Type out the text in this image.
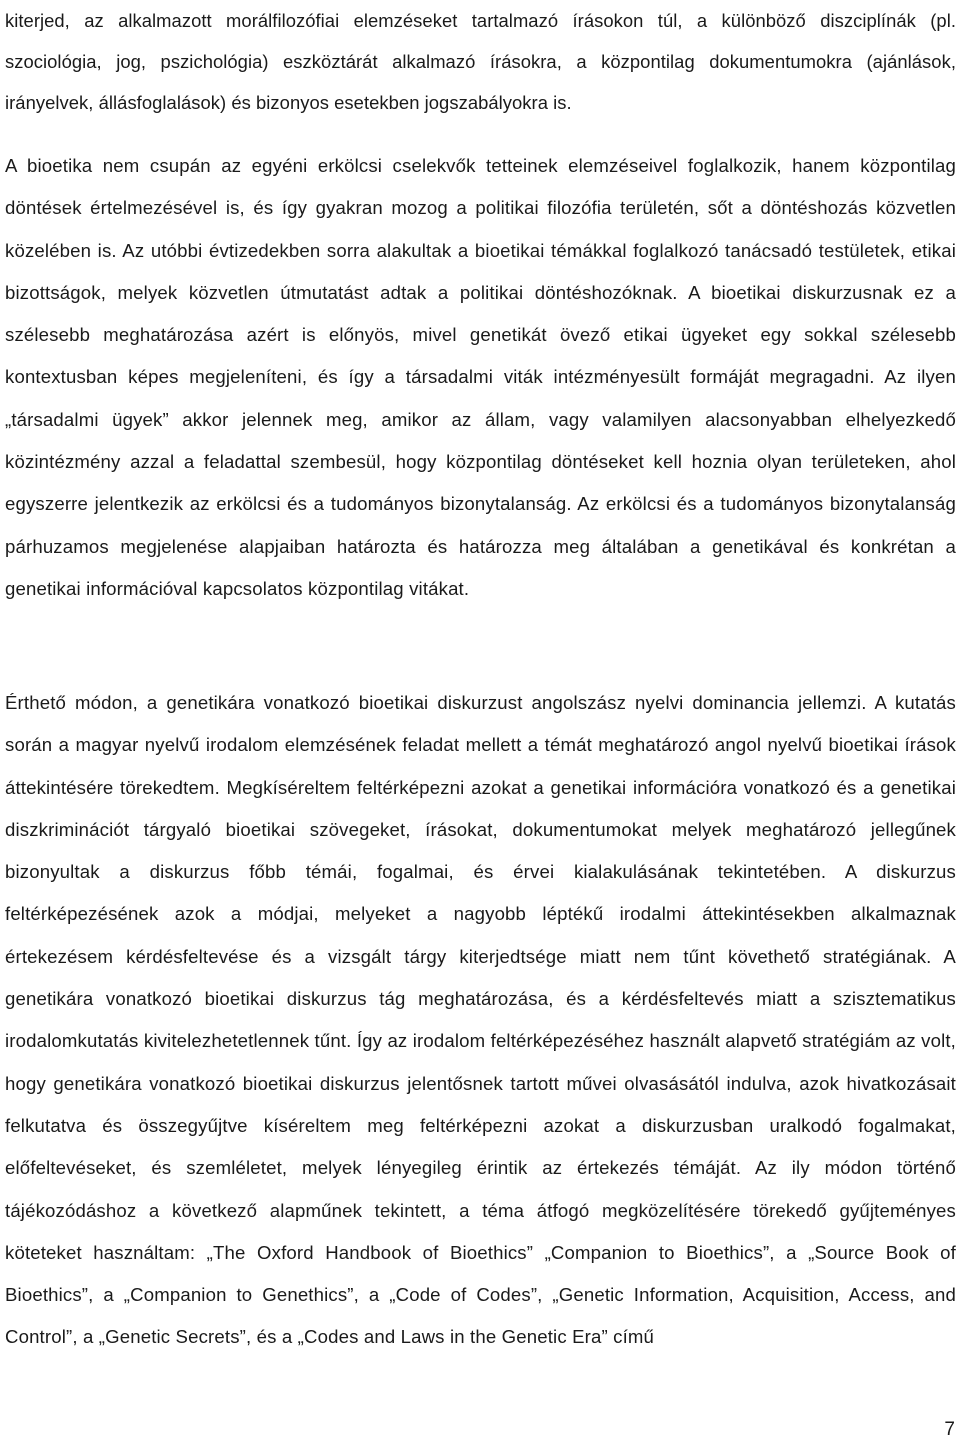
kiterjed, az alkalmazott morálfilozófiai elemzéseket tartalmazó írásokon túl, a különböző diszciplínák (pl. szociológia, jog, pszichológia) eszköztárát alkalmazó írásokra, a központilag dokumentumokra (ajánlások, irányelvek, állásfoglalások) és bizonyos esetekben jogszabályokra is.

A bioetika nem csupán az egyéni erkölcsi cselekvők tetteinek elemzéseivel foglalkozik, hanem központilag döntések értelmezésével is, és így gyakran mozog a politikai filozófia területén, sőt a döntéshozás közvetlen közelében is. Az utóbbi évtizedekben sorra alakultak a bioetikai témákkal foglalkozó tanácsadó testületek, etikai bizottságok, melyek közvetlen útmutatást adtak a politikai döntéshozóknak. A bioetikai diskurzusnak ez a szélesebb meghatározása azért is előnyös, mivel genetikát övező etikai ügyeket egy sokkal szélesebb kontextusban képes megjeleníteni, és így a társadalmi viták intézményesült formáját megragadni. Az ilyen „társadalmi ügyek” akkor jelennek meg, amikor az állam, vagy valamilyen alacsonyabban elhelyezkedő közintézmény azzal a feladattal szembesül, hogy központilag döntéseket kell hoznia olyan területeken, ahol egyszerre jelentkezik az erkölcsi és a tudományos bizonytalanság. Az erkölcsi és a tudományos bizonytalanság párhuzamos megjelenése alapjaiban határozta és határozza meg általában a genetikával és konkrétan a genetikai információval kapcsolatos központilag vitákat.

Érthető módon, a genetikára vonatkozó bioetikai diskurzust angolszász nyelvi dominancia jellemzi. A kutatás során a magyar nyelvű irodalom elemzésének feladat mellett a témát meghatározó angol nyelvű bioetikai írások áttekintésére törekedtem. Megkíséreltem feltérképezni azokat a genetikai információra vonatkozó és a genetikai diszkriminációt tárgyaló bioetikai szövegeket, írásokat, dokumentumokat melyek meghatározó jellegűnek bizonyultak a diskurzus főbb témái, fogalmai, és érvei kialakulásának tekintetében. A diskurzus feltérképezésének azok a módjai, melyeket a nagyobb léptékű irodalmi áttekintésekben alkalmaznak értekezésem kérdésfeltevése és a vizsgált tárgy kiterjedtsége miatt nem tűnt követhető stratégiának. A genetikára vonatkozó bioetikai diskurzus tág meghatározása, és a kérdésfeltevés miatt a szisztematikus irodalomkutatás kivitelezhetetlennek tűnt. Így az irodalom feltérképezéséhez használt alapvető stratégiám az volt, hogy genetikára vonatkozó bioetikai diskurzus jelentősnek tartott művei olvasásától indulva, azok hivatkozásait felkutatva és összegyűjtve kíséreltem meg feltérképezni azokat a diskurzusban uralkodó fogalmakat, előfeltevéseket, és szemléletet, melyek lényegileg érintik az értekezés témáját. Az ily módon történő tájékozódáshoz a következő alapműnek tekintett, a téma átfogó megközelítésére törekedő gyűjteményes köteteket használtam: „The Oxford Handbook of Bioethics” „Companion to Bioethics”, a „Source Book of Bioethics”, a „Companion to Genethics”, a „Code of Codes”, „Genetic Information, Acquisition, Access, and Control”, a „Genetic Secrets”, és a „Codes and Laws in the Genetic Era” című

7
